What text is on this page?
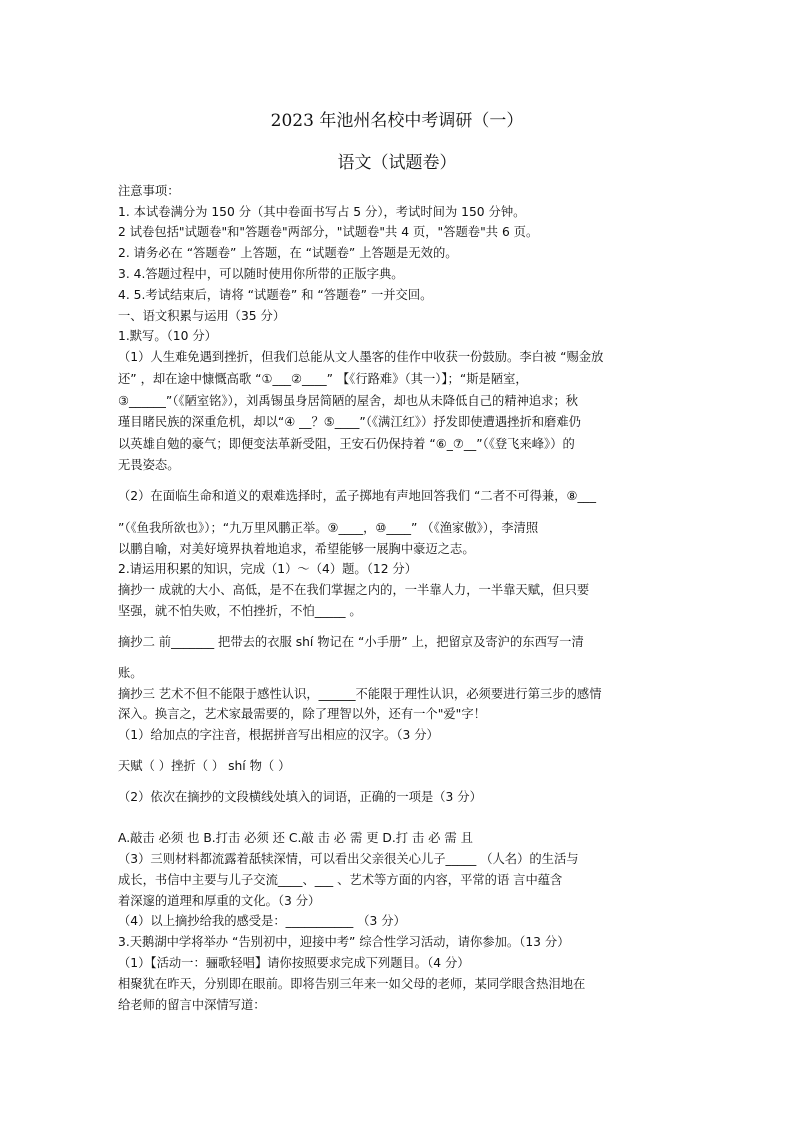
2023 年池州名校中考调研（一）
语文（试题卷）
注意事项：
1. 本试卷满分为 150 分（其中卷面书写占 5 分），考试时间为 150 分钟。
2 试卷包括"试题卷"和"答题卷"两部分，"试题卷"共 4 页，"答题卷"共 6 页。
2. 请务必在 “答题卷” 上答题，在 “试题卷” 上答题是无效的。
3. 4.答题过程中，可以随时使用你所带的正版字典。
4. 5.考试结束后，请将 “试题卷” 和 “答题卷” 一并交回。
一、语文积累与运用（35 分）
1.默写。（10 分）
（1）人生难免遇到挫折，但我们总能从文人墨客的佳作中收获一份鼓励。李白被 “赐金放
还” ，却在途中慷慨高歌 “①___②____” 【《行路难》（其一）】；“斯是陋室，
③______”（《陋室铭》），刘禹锡虽身居简陋的屋舍，却也从未降低自己的精神追求；秋
瑾目睹民族的深重危机，却以“④ __？⑤____”（《满江红》）抒发即使遭遇挫折和磨难仍
以英雄自勉的豪气；即便变法革新受阻，王安石仍保持着 “⑥_⑦__”（《登飞来峰》）的
无畏姿态。
（2）在面临生命和道义的艰难选择时，孟子掷地有声地回答我们 “二者不可得兼，⑧___
”（《鱼我所欲也》）；“九万里风鹏正举。⑨____，⑩____” （《渔家傲》），李清照
以鹏自喻，对美好境界执着地追求，希望能够一展胸中豪迈之志。
2.请运用积累的知识，完成（1）～（4）题。（12 分）
摘抄一 成就的大小、高低，是不在我们掌握之内的，一半靠人力，一半靠天赋，但只要
坚强，就不怕失败，不怕挫折，不怕_____ 。
摘抄二 前_______ 把带去的衣服 shí 物记在 “小手册” 上，把留京及寄沪的东西写一清
账。
摘抄三 艺术不但不能限于感性认识，______不能限于理性认识，必须要进行第三步的感情
深入。换言之，艺术家最需要的，除了理智以外，还有一个"爱"字！
（1）给加点的字注音，根据拼音写出相应的汉字。（3 分）
天赋（ ）挫折（ ） shí 物（ ）
（2）依次在摘抄的文段横线处填入的词语，正确的一项是（3 分）
A.敲击 必须 也 B.打击 必须 还 C.敲 击 必 需 更 D.打 击 必 需 且
（3）三则材料都流露着舐犊深情，可以看出父亲很关心儿子_____ （人名）的生活与
成长，书信中主要与儿子交流____、___ 、艺术等方面的内容，平常的语 言中蕴含
着深邃的道理和厚重的文化。（3 分）
（4）以上摘抄给我的感受是：___________ （3 分）
3.天鹅湖中学将举办 “告别初中，迎接中考” 综合性学习活动，请你参加。（13 分）
（1）【活动一：骊歌轻唱】请你按照要求完成下列题目。（4 分）
相聚犹在昨天，分别即在眼前。即将告别三年来一如父母的老师，某同学眼含热泪地在
给老师的留言中深情写道：
